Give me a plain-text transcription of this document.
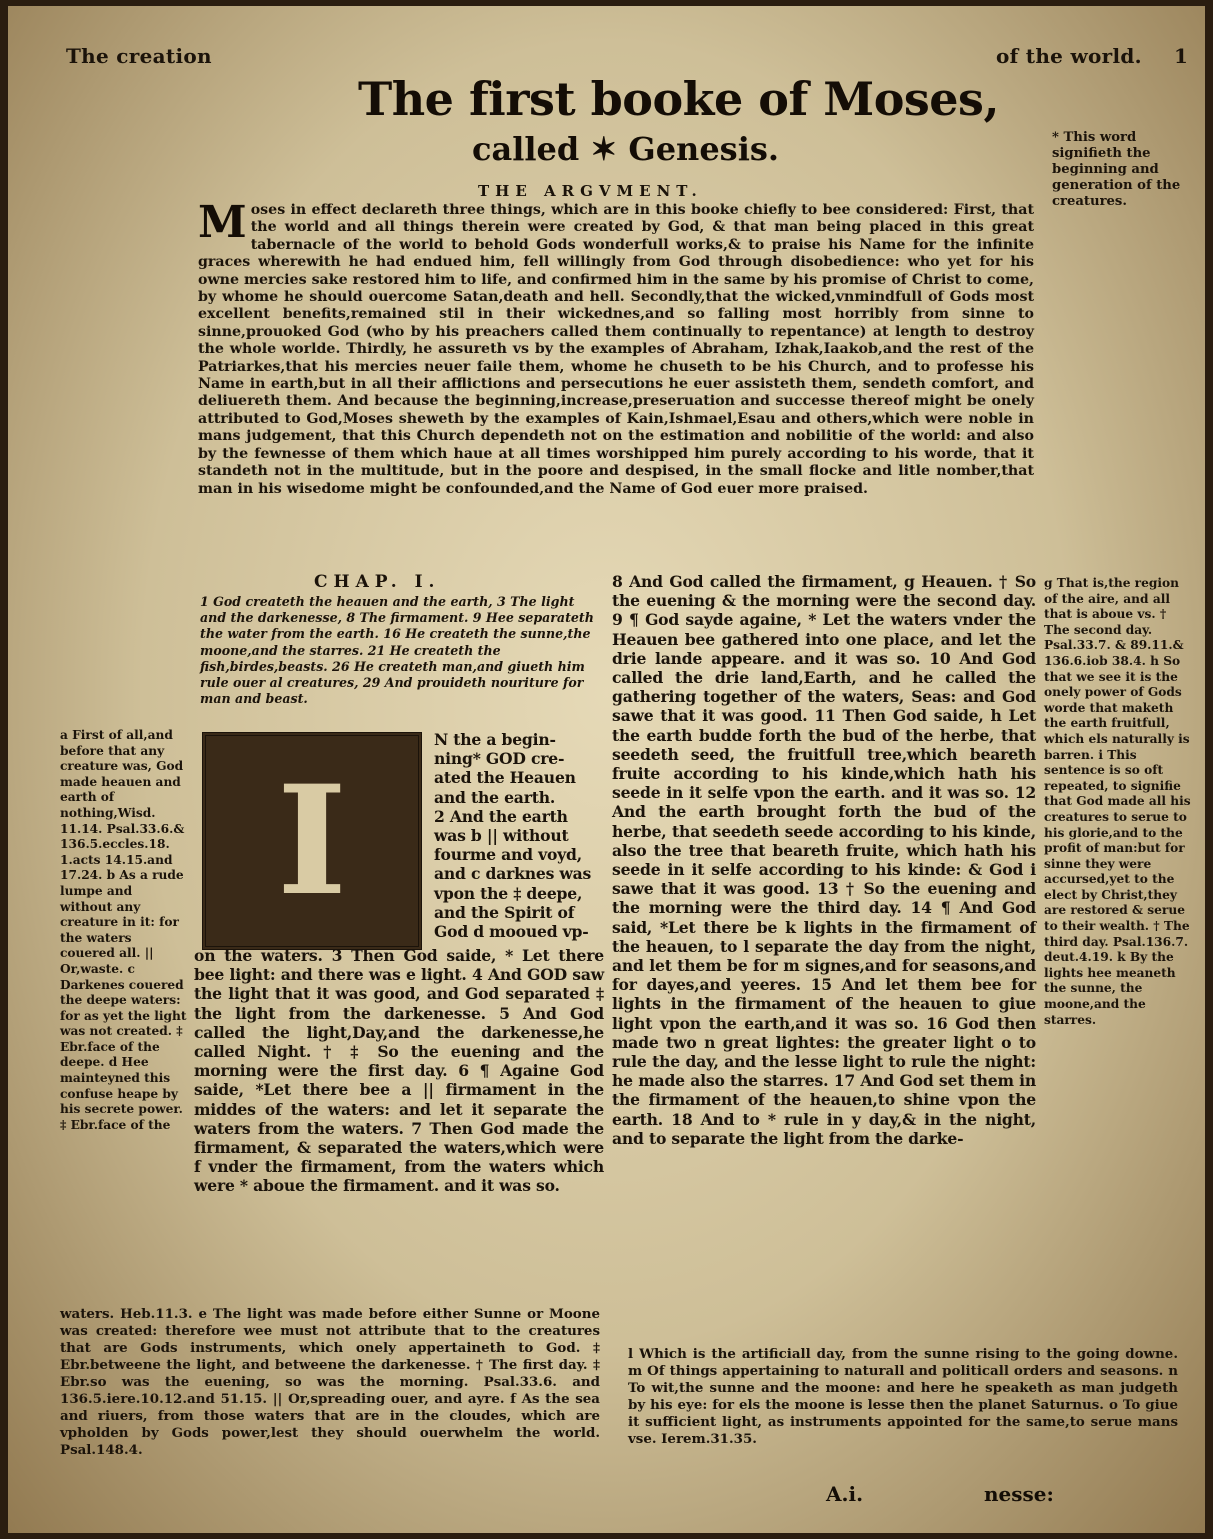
The creation	of the world. 1
The first booke of Moses,
called ✶ Genesis.	* This word signifieth the beginning and generation of the creatures.
THE ARGVMENT.
M oses in effect declareth three things, which are in this booke chiefly to bee considered: First, that the world and all things therein were created by God, & that man being placed in this great tabernacle of the world to behold Gods wonderfull works,& to praise his Name for the infinite graces wherewith he had endued him, fell willingly from God through disobedience: who yet for his owne mercies sake restored him to life, and confirmed him in the same by his promise of Christ to come, by whome he should ouercome Satan,death and hell. Secondly,that the wicked,vnmindfull of Gods most excellent benefits,remained stil in their wickednes,and so falling most horribly from sinne to sinne,prouoked God (who by his preachers called them continually to repentance) at length to destroy the whole worlde. Thirdly, he assureth vs by the examples of Abraham, Izhak,Iaakob,and the rest of the Patriarkes,that his mercies neuer faile them, whome he chuseth to be his Church, and to professe his Name in earth,but in all their afflictions and persecutions he euer assisteth them, sendeth comfort, and deliuereth them. And because the beginning,increase,preseruation and successe thereof might be onely attributed to God,Moses sheweth by the examples of Kain,Ishmael,Esau and others,which were noble in mans judgement, that this Church dependeth not on the estimation and nobilitie of the world: and also by the fewnesse of them which haue at all times worshipped him purely according to his worde, that it standeth not in the multitude, but in the poore and despised, in the small flocke and litle nomber,that man in his wisedome might be confounded,and the Name of God euer more praised.

CHAP. I.
1 God createth the heauen and the earth, 3 The light and the darkenesse, 8 The firmament. 9 Hee separateth the water from the earth. 16 He createth the sunne,the moone,and the starres. 21 He createth the fish,birdes,beasts. 26 He createth man,and giueth him rule ouer al creatures, 29 And prouideth nouriture for man and beast.
I
N the a begin-
ning* GOD cre-
ated the Heauen
and the earth.
2 And the earth
was b || without
fourme and voyd,
and c darknes was
vpon the ‡ deepe,
and the Spirit of
God d mooued vp-
on the waters. 3 Then God saide, * Let there bee light: and there was e light. 4 And GOD saw the light that it was good, and God separated ‡ the light from the darkenesse. 5 And God called the light,Day,and the darkenesse,he called Night. † ‡ So the euening and the morning were the first day. 6 ¶ Againe God saide, *Let there bee a || firmament in the middes of the waters: and let it separate the waters from the waters. 7 Then God made the firmament, & separated the waters,which were f vnder the firmament, from the waters which were * aboue the firmament. and it was so.
8 And God called the firmament, g Heauen. † So the euening & the morning were the second day. 9 ¶ God sayde againe, * Let the waters vnder the Heauen bee gathered into one place, and let the drie lande appeare. and it was so. 10 And God called the drie land,Earth, and he called the gathering together of the waters, Seas: and God sawe that it was good. 11 Then God saide, h Let the earth budde forth the bud of the herbe, that seedeth seed, the fruitfull tree,which beareth fruite according to his kinde,which hath his seede in it selfe vpon the earth. and it was so. 12 And the earth brought forth the bud of the herbe, that seedeth seede according to his kinde, also the tree that beareth fruite, which hath his seede in it selfe according to his kinde: & God i sawe that it was good. 13 † So the euening and the morning were the third day. 14 ¶ And God said, *Let there be k lights in the firmament of the heauen, to l separate the day from the night, and let them be for m signes,and for seasons,and for dayes,and yeeres. 15 And let them bee for lights in the firmament of the heauen to giue light vpon the earth,and it was so. 16 God then made two n great lightes: the greater light o to rule the day, and the lesse light to rule the night: he made also the starres. 17 And God set them in the firmament of the heauen,to shine vpon the earth. 18 And to * rule in y day,& in the night, and to separate the light from the darke-
a First of all,and before that any creature was, God made heauen and earth of nothing,Wisd. 11.14. Psal.33.6.& 136.5.eccles.18. 1.acts 14.15.and 17.24. b As a rude lumpe and without any creature in it: for the waters couered all. || Or,waste. c Darkenes couered the deepe waters: for as yet the light was not created. ‡ Ebr.face of the deepe. d Hee mainteyned this confuse heape by his secrete power. ‡ Ebr.face of the
g That is,the region of the aire, and all that is aboue vs. † The second day. Psal.33.7. & 89.11.& 136.6.iob 38.4. h So that we see it is the onely power of Gods worde that maketh the earth fruitfull, which els naturally is barren. i This sentence is so oft repeated, to signifie that God made all his creatures to serue to his glorie,and to the profit of man:but for sinne they were accursed,yet to the elect by Christ,they are restored & serue to their wealth. † The third day. Psal.136.7. deut.4.19. k By the lights hee meaneth the sunne, the moone,and the starres.
waters. Heb.11.3. e The light was made before either Sunne or Moone was created: therefore wee must not attribute that to the creatures that are Gods instruments, which onely appertaineth to God. ‡ Ebr.betweene the light, and betweene the darkenesse. † The first day. ‡ Ebr.so was the euening, so was the morning. Psal.33.6. and 136.5.iere.10.12.and 51.15. || Or,spreading ouer, and ayre. f As the sea and riuers, from those waters that are in the cloudes, which are vpholden by Gods power,lest they should ouerwhelm the world. Psal.148.4.
l Which is the artificiall day, from the sunne rising to the going downe. m Of things appertaining to naturall and politicall orders and seasons. n To wit,the sunne and the moone: and here he speaketh as man judgeth by his eye: for els the moone is lesse then the planet Saturnus. o To giue it sufficient light, as instruments appointed for the same,to serue mans vse. Ierem.31.35.
A.i.	nesse:
